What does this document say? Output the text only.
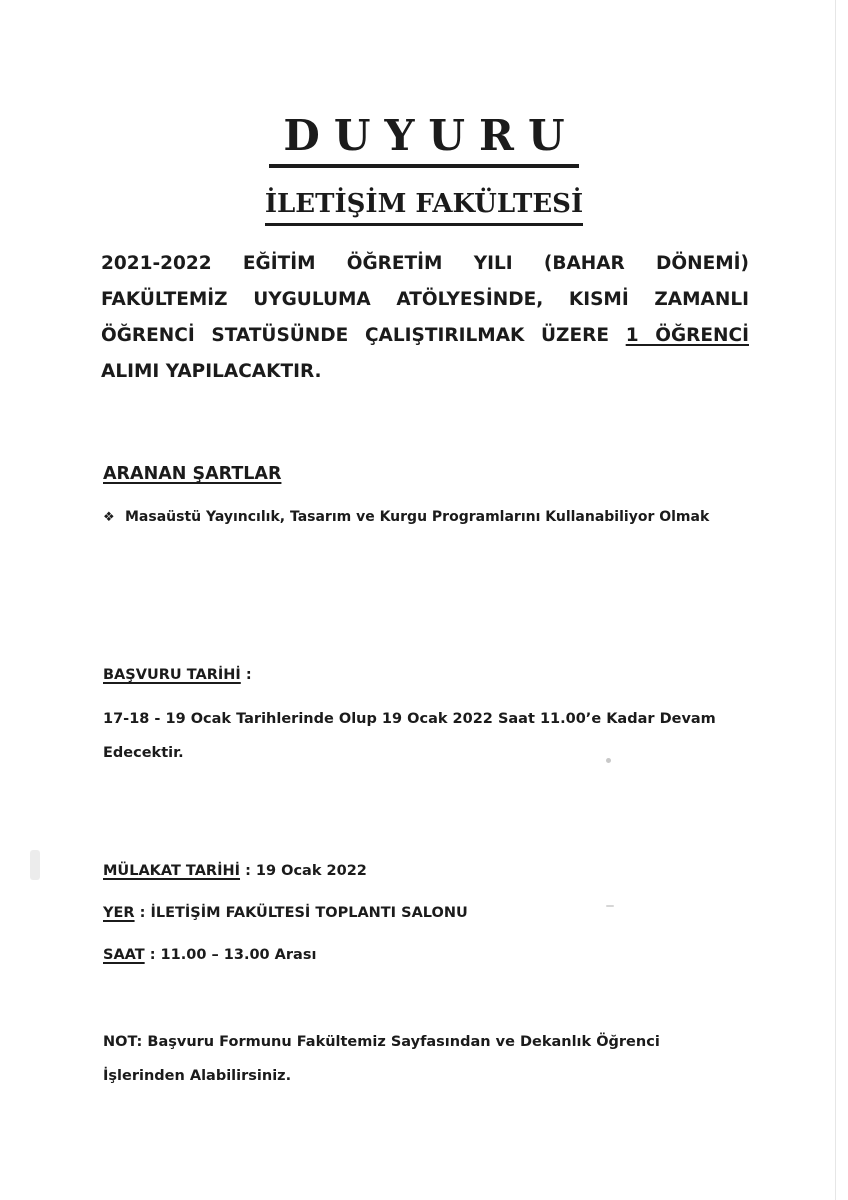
DUYURU
İLETİŞİM FAKÜLTESİ
2021-2022 EĞİTİM ÖĞRETİM YILI (BAHAR DÖNEMİ) FAKÜLTEMİZ UYGULUMA ATÖLYESİNDE, KISMİ ZAMANLI ÖĞRENCİ STATÜSÜNDE ÇALIŞTIRILMAK ÜZERE 1 ÖĞRENCİ ALIMI YAPILACAKTIR.
ARANAN ŞARTLAR
❖ Masaüstü Yayıncılık, Tasarım ve Kurgu Programlarını Kullanabiliyor Olmak
BAŞVURU TARİHİ :
17-18 - 19 Ocak Tarihlerinde Olup 19 Ocak 2022 Saat 11.00’e Kadar Devam Edecektir.
MÜLAKAT TARİHİ : 19 Ocak 2022
YER : İLETİŞİM FAKÜLTESİ TOPLANTI SALONU
SAAT : 11.00 – 13.00 Arası
NOT: Başvuru Formunu Fakültemiz Sayfasından ve Dekanlık Öğrenci İşlerinden Alabilirsiniz.
